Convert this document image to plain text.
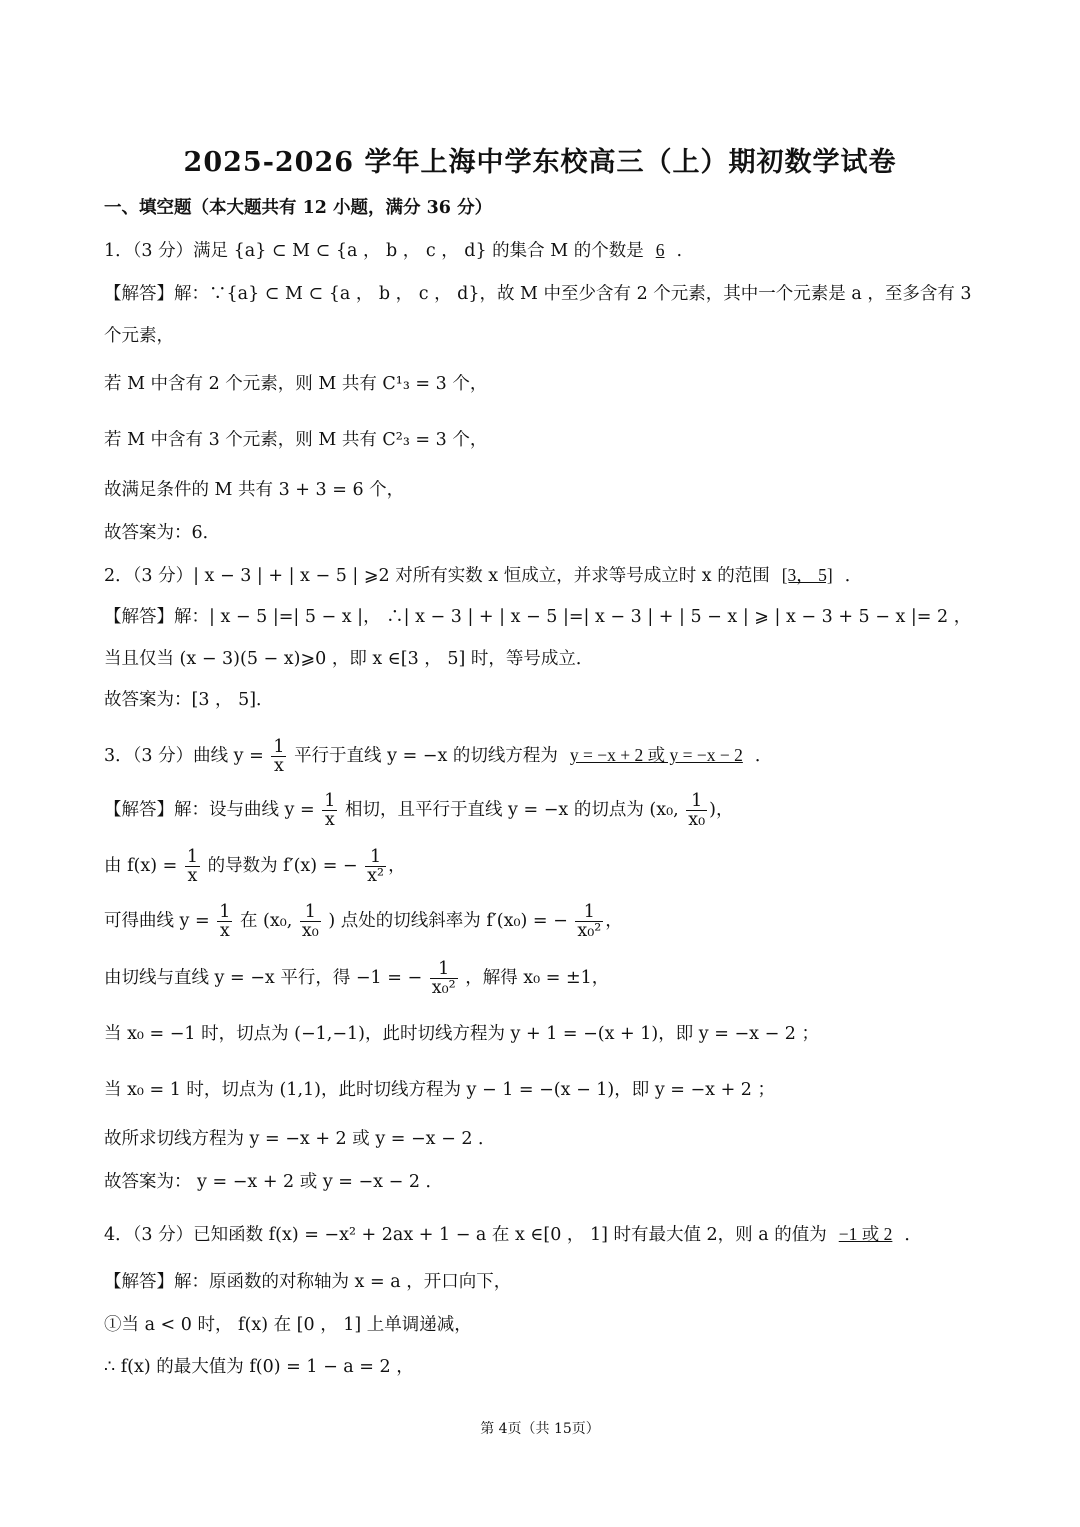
2025-2026 学年上海中学东校高三（上）期初数学试卷
一、填空题（本大题共有 12 小题，满分 36 分）
1．（3 分）满足 {a} ⊂ M ⊂ {a ， b ， c ， d} 的集合 M 的个数是 6 .
【解答】解：∵{a} ⊂ M ⊂ {a ， b ， c ， d}，故 M 中至少含有 2 个元素，其中一个元素是 a ，至多含有 3
个元素，
若 M 中含有 2 个元素，则 M 共有 C¹₃ = 3 个，
若 M 中含有 3 个元素，则 M 共有 C²₃ = 3 个，
故满足条件的 M 共有 3 + 3 = 6 个，
故答案为：6．
2．（3 分）| x − 3 | + | x − 5 | ⩾2 对所有实数 x 恒成立，并求等号成立时 x 的范围 [3， 5] ．
【解答】解：| x − 5 |=| 5 − x |， ∴| x − 3 | + | x − 5 |=| x − 3 | + | 5 − x | ⩾ | x − 3 + 5 − x |= 2 ，
当且仅当 (x − 3)(5 − x)⩾0 ，即 x ∈[3 ， 5] 时，等号成立．
故答案为：[3 ， 5]．
3．（3 分）曲线 $y = \frac{1}{x}$ 平行于直线 y = −x 的切线方程为 y = −x + 2 或 y = −x − 2 ．
【解答】解：设与曲线 $y = \frac{1}{x}$ 相切，且平行于直线 y = −x 的切点为 (x₀, $\frac{1}{\text{x₀}}$ )，
由 $f(x) = \frac{1}{x}$ 的导数为 f′(x) = − $\frac{1}{\text{x²}}$ ，
可得曲线 $y = \frac{1}{x}$ 在 (x₀, $\frac{1}{\text{x₀}}$ ) 点处的切线斜率为 f′(x₀) = − $\frac{1}{\text{x₀²}}$ ，
由切线与直线 y = −x 平行，得 −1 = − $\frac{1}{\text{x₀²}}$ ，解得 x₀ = ±1，
当 x₀ = −1 时，切点为 (−1,−1)，此时切线方程为 y + 1 = −(x + 1)，即 y = −x − 2 ；
当 x₀ = 1 时，切点为 (1,1)，此时切线方程为 y − 1 = −(x − 1)，即 y = −x + 2 ；
故所求切线方程为 y = −x + 2 或 y = −x − 2 ．
故答案为： y = −x + 2 或 y = −x − 2 ．
4．（3 分）已知函数 f(x) = −x² + 2ax + 1 − a 在 x ∈[0 ， 1] 时有最大值 2，则 a 的值为 −1 或 2 ．
【解答】解：原函数的对称轴为 x = a ，开口向下，
①当 a < 0 时， f(x) 在 [0 ， 1] 上单调递减，
∴ f(x) 的最大值为 f(0) = 1 − a = 2 ，
第 4页（共 15页）
